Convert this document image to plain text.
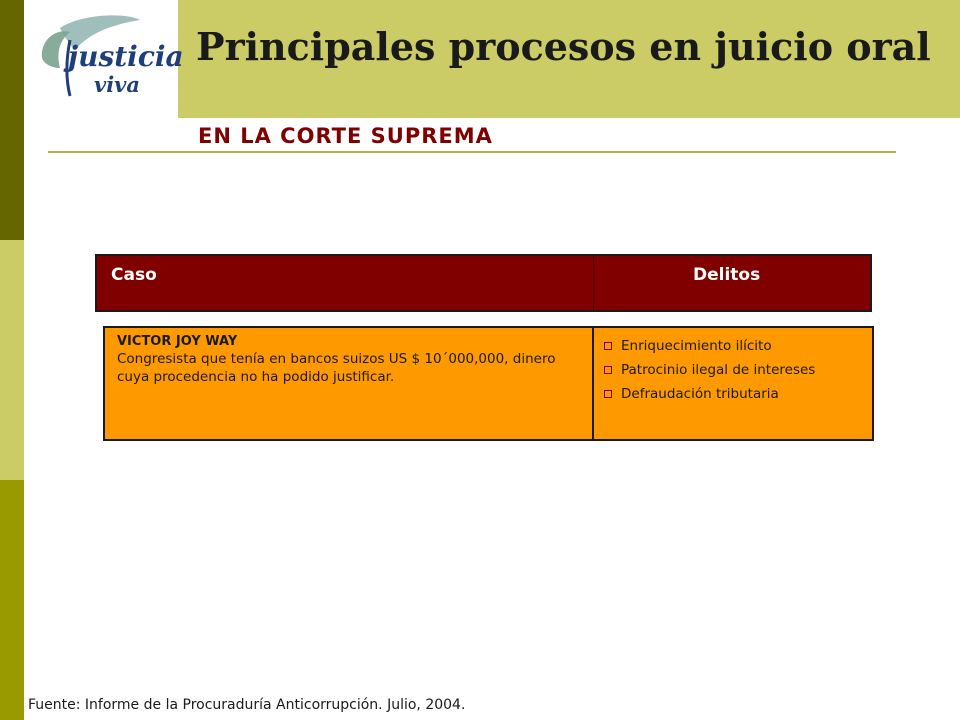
justicia
viva
Principales procesos en juicio oral
EN LA CORTE SUPREMA
Caso	Delitos
VICTOR JOY WAY
Congresista que tenía en bancos suizos US $ 10´000,000, dinero cuya procedencia no ha podido justificar.
Enriquecimiento ilícito
Patrocinio ilegal de intereses
Defraudación tributaria
Fuente: Informe de la Procuraduría Anticorrupción. Julio, 2004.
